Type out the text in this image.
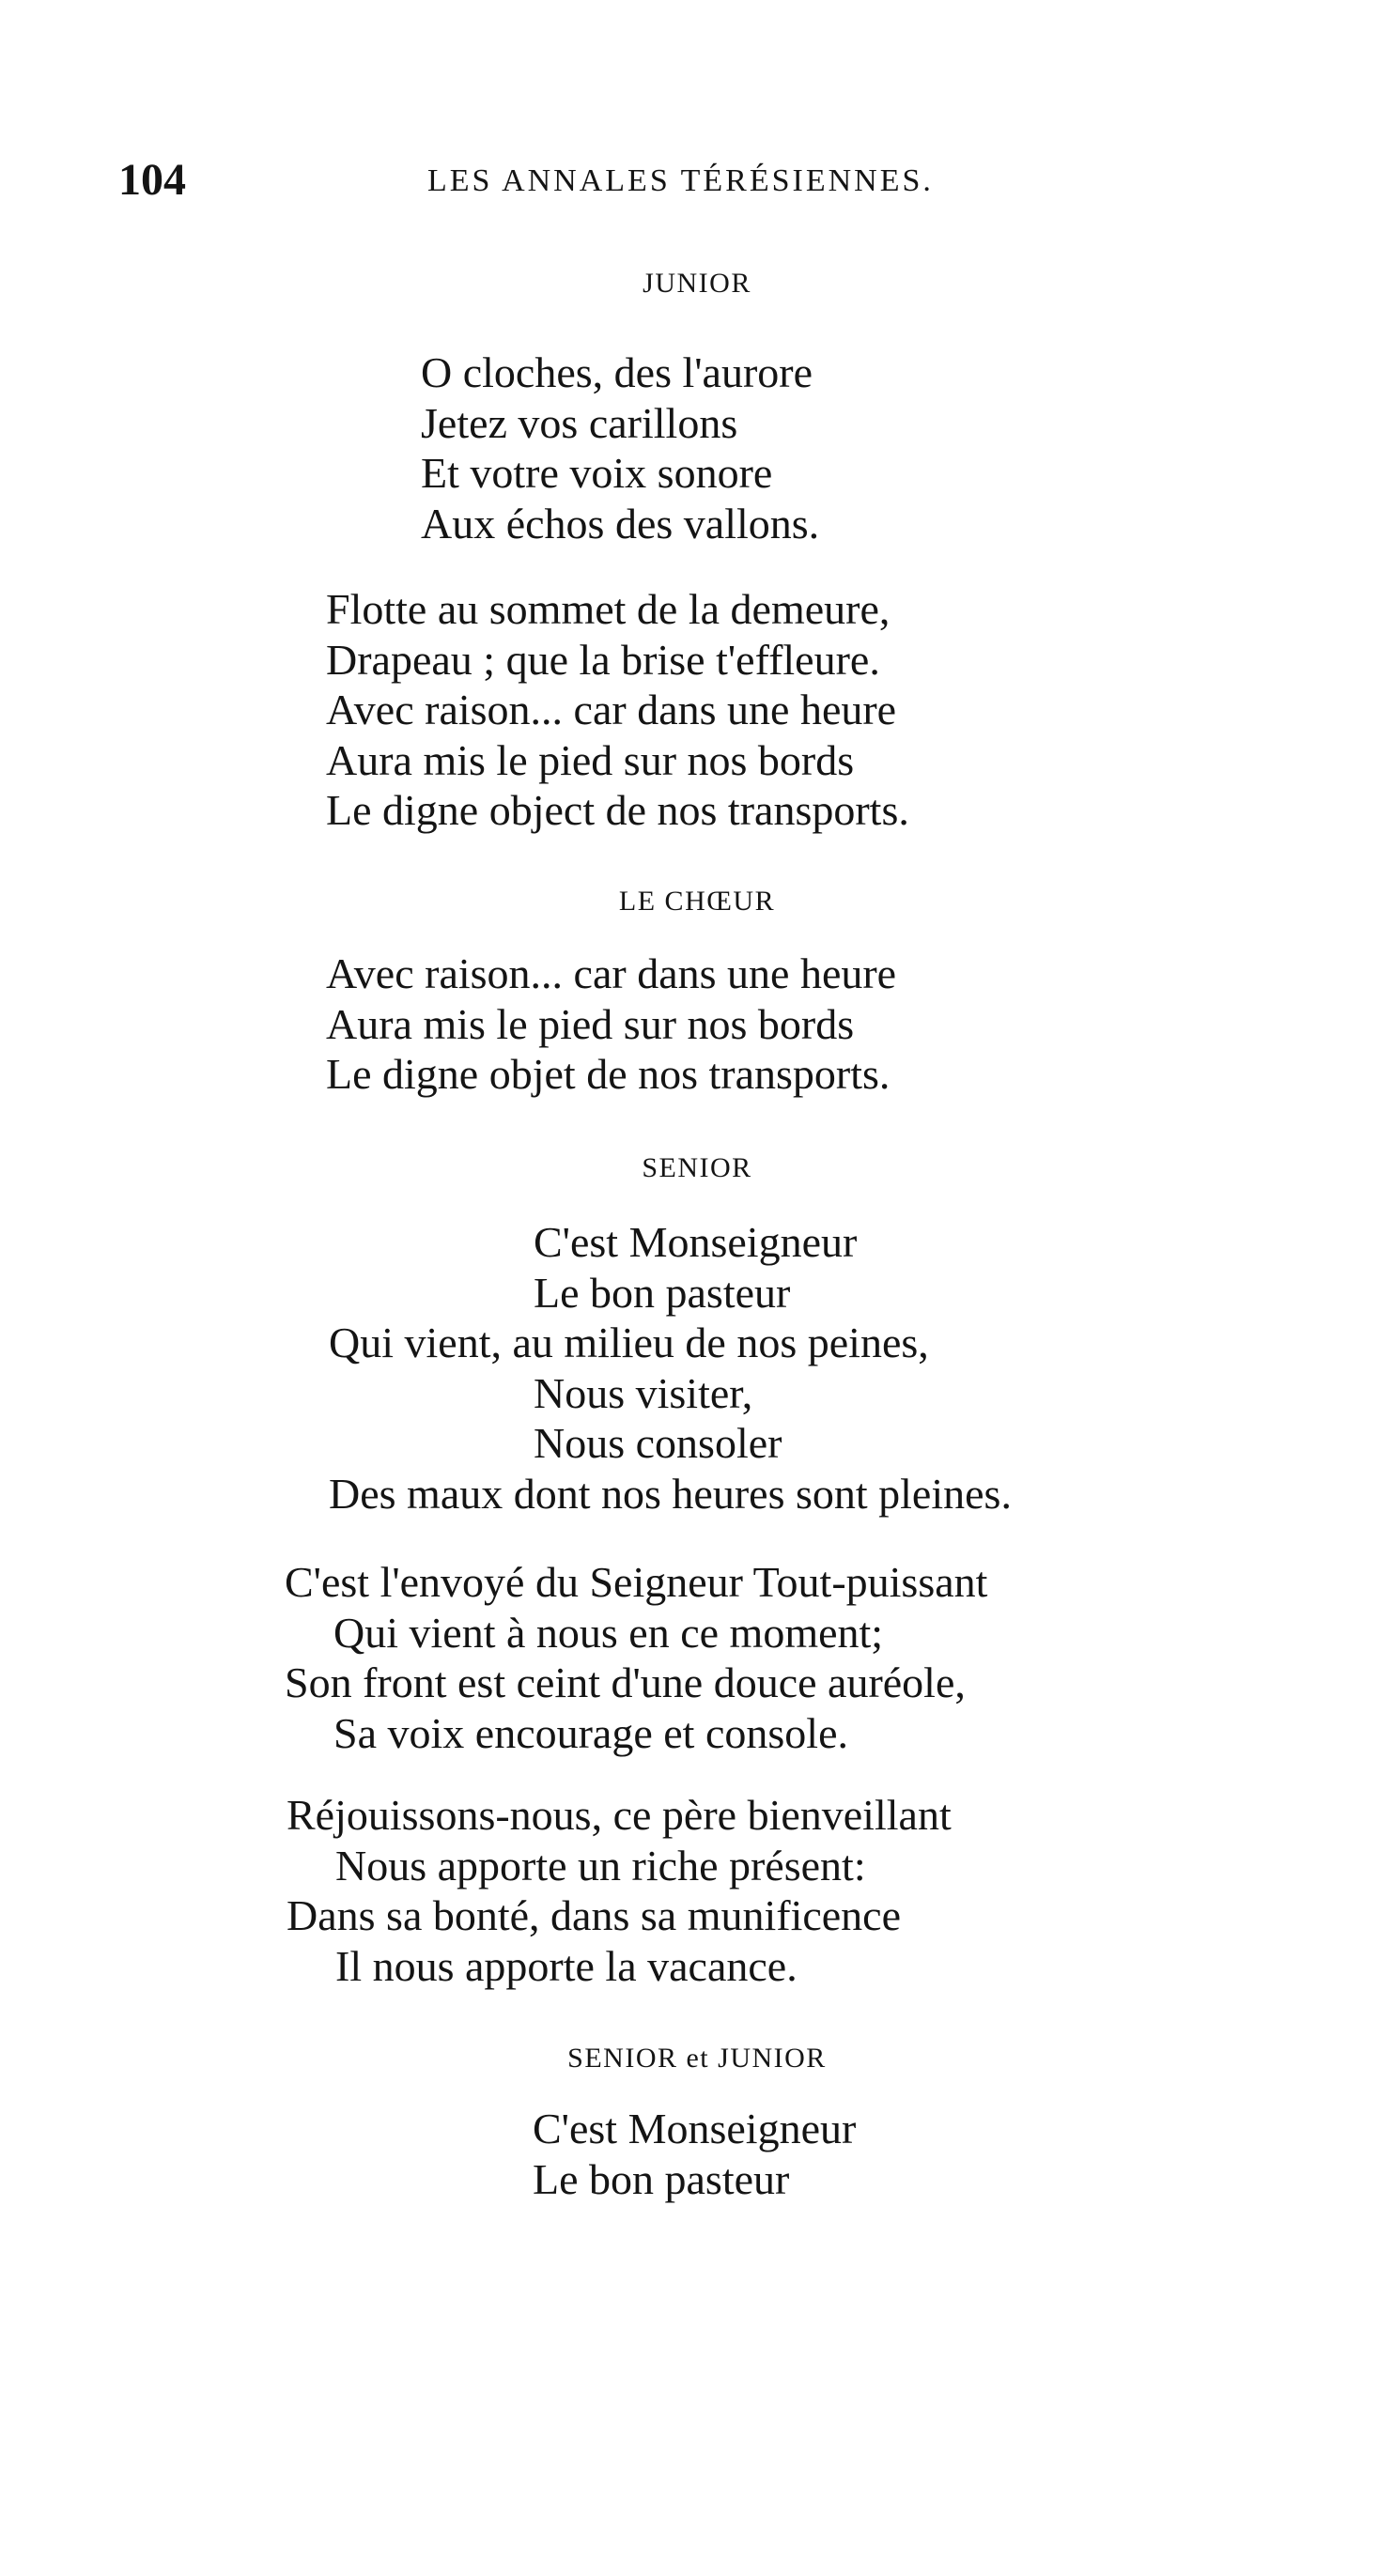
104	LES ANNALES TÉRÉSIENNES.
JUNIOR
O cloches, des l'aurore
Jetez vos carillons
Et votre voix sonore
Aux échos des vallons.
Flotte au sommet de la demeure,
Drapeau ; que la brise t'effleure.
Avec raison... car dans une heure
Aura mis le pied sur nos bords
Le digne object de nos transports.
LE CHŒUR
Avec raison... car dans une heure
Aura mis le pied sur nos bords
Le digne objet de nos transports.
SENIOR
C'est Monseigneur
Le bon pasteur
Qui vient, au milieu de nos peines,
Nous visiter,
Nous consoler
Des maux dont nos heures sont pleines.
C'est l'envoyé du Seigneur Tout-puissant
Qui vient à nous en ce moment;
Son front est ceint d'une douce auréole,
Sa voix encourage et console.
Réjouissons-nous, ce père bienveillant
Nous apporte un riche présent:
Dans sa bonté, dans sa munificence
Il nous apporte la vacance.
SENIOR et JUNIOR
C'est Monseigneur
Le bon pasteur
